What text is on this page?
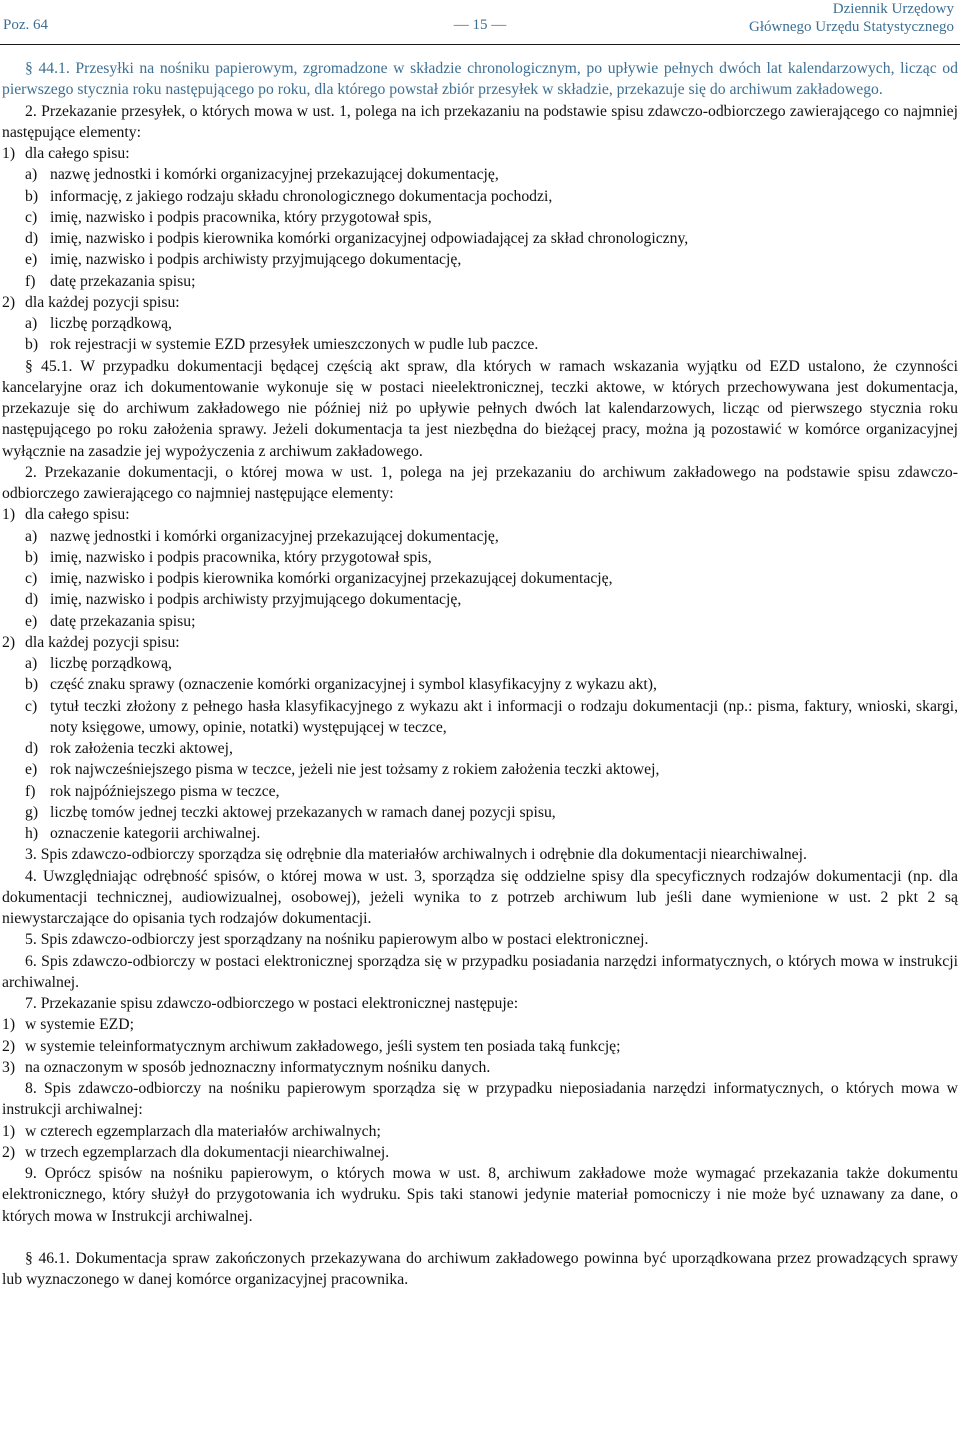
Poz. 64	— 15 —
Dziennik Urzędowy
Głównego Urzędu Statystycznego

§ 44.1. Przesyłki na nośniku papierowym, zgromadzone w składzie chronologicznym, po upływie pełnych dwóch lat kalendarzowych, licząc od pierwszego stycznia roku następującego po roku, dla którego powstał zbiór przesyłek w składzie, przekazuje się do archiwum zakładowego.

2. Przekazanie przesyłek, o których mowa w ust. 1, polega na ich przekazaniu na podstawie spisu zdawczo-odbiorczego zawierającego co najmniej następujące elementy:

1) dla całego spisu:

a) nazwę jednostki i komórki organizacyjnej przekazującej dokumentację,

b) informację, z jakiego rodzaju składu chronologicznego dokumentacja pochodzi,

c) imię, nazwisko i podpis pracownika, który przygotował spis,

d) imię, nazwisko i podpis kierownika komórki organizacyjnej odpowiadającej za skład chronologiczny,

e) imię, nazwisko i podpis archiwisty przyjmującego dokumentację,

f) datę przekazania spisu;

2) dla każdej pozycji spisu:

a) liczbę porządkową,

b) rok rejestracji w systemie EZD przesyłek umieszczonych w pudle lub paczce.

§ 45.1. W przypadku dokumentacji będącej częścią akt spraw, dla których w ramach wskazania wyjątku od EZD ustalono, że czynności kancelaryjne oraz ich dokumentowanie wykonuje się w postaci nieelektronicznej, teczki aktowe, w których przechowywana jest dokumentacja, przekazuje się do archiwum zakładowego nie później niż po upływie pełnych dwóch lat kalendarzowych, licząc od pierwszego stycznia roku następującego po roku założenia sprawy. Jeżeli dokumentacja ta jest niezbędna do bieżącej pracy, można ją pozostawić w komórce organizacyjnej wyłącznie na zasadzie jej wypożyczenia z archiwum zakładowego.

2. Przekazanie dokumentacji, o której mowa w ust. 1, polega na jej przekazaniu do archiwum zakładowego na podstawie spisu zdawczo-odbiorczego zawierającego co najmniej następujące elementy:

1) dla całego spisu:

a) nazwę jednostki i komórki organizacyjnej przekazującej dokumentację,

b) imię, nazwisko i podpis pracownika, który przygotował spis,

c) imię, nazwisko i podpis kierownika komórki organizacyjnej przekazującej dokumentację,

d) imię, nazwisko i podpis archiwisty przyjmującego dokumentację,

e) datę przekazania spisu;

2) dla każdej pozycji spisu:

a) liczbę porządkową,

b) część znaku sprawy (oznaczenie komórki organizacyjnej i symbol klasyfikacyjny z wykazu akt),

c) tytuł teczki złożony z pełnego hasła klasyfikacyjnego z wykazu akt i informacji o rodzaju dokumentacji (np.: pisma, faktury, wnioski, skargi, noty księgowe, umowy, opinie, notatki) występującej w teczce,

d) rok założenia teczki aktowej,

e) rok najwcześniejszego pisma w teczce, jeżeli nie jest tożsamy z rokiem założenia teczki aktowej,

f) rok najpóźniejszego pisma w teczce,

g) liczbę tomów jednej teczki aktowej przekazanych w ramach danej pozycji spisu,

h) oznaczenie kategorii archiwalnej.

3. Spis zdawczo-odbiorczy sporządza się odrębnie dla materiałów archiwalnych i odrębnie dla dokumentacji niearchiwalnej.

4. Uwzględniając odrębność spisów, o której mowa w ust. 3, sporządza się oddzielne spisy dla specyficznych rodzajów dokumentacji (np. dla dokumentacji technicznej, audiowizualnej, osobowej), jeżeli wynika to z potrzeb archiwum lub jeśli dane wymienione w ust. 2 pkt 2 są niewystarczające do opisania tych rodzajów dokumentacji.

5. Spis zdawczo-odbiorczy jest sporządzany na nośniku papierowym albo w postaci elektronicznej.

6. Spis zdawczo-odbiorczy w postaci elektronicznej sporządza się w przypadku posiadania narzędzi informatycznych, o których mowa w instrukcji archiwalnej.

7. Przekazanie spisu zdawczo-odbiorczego w postaci elektronicznej następuje:

1) w systemie EZD;

2) w systemie teleinformatycznym archiwum zakładowego, jeśli system ten posiada taką funkcję;

3) na oznaczonym w sposób jednoznaczny informatycznym nośniku danych.

8. Spis zdawczo-odbiorczy na nośniku papierowym sporządza się w przypadku nieposiadania narzędzi informatycznych, o których mowa w instrukcji archiwalnej:

1) w czterech egzemplarzach dla materiałów archiwalnych;

2) w trzech egzemplarzach dla dokumentacji niearchiwalnej.

9. Oprócz spisów na nośniku papierowym, o których mowa w ust. 8, archiwum zakładowe może wymagać przekazania także dokumentu elektronicznego, który służył do przygotowania ich wydruku. Spis taki stanowi jedynie materiał pomocniczy i nie może być uznawany za dane, o których mowa w Instrukcji archiwalnej.

§ 46.1. Dokumentacja spraw zakończonych przekazywana do archiwum zakładowego powinna być uporządkowana przez prowadzących sprawy lub wyznaczonego w danej komórce organizacyjnej pracownika.
